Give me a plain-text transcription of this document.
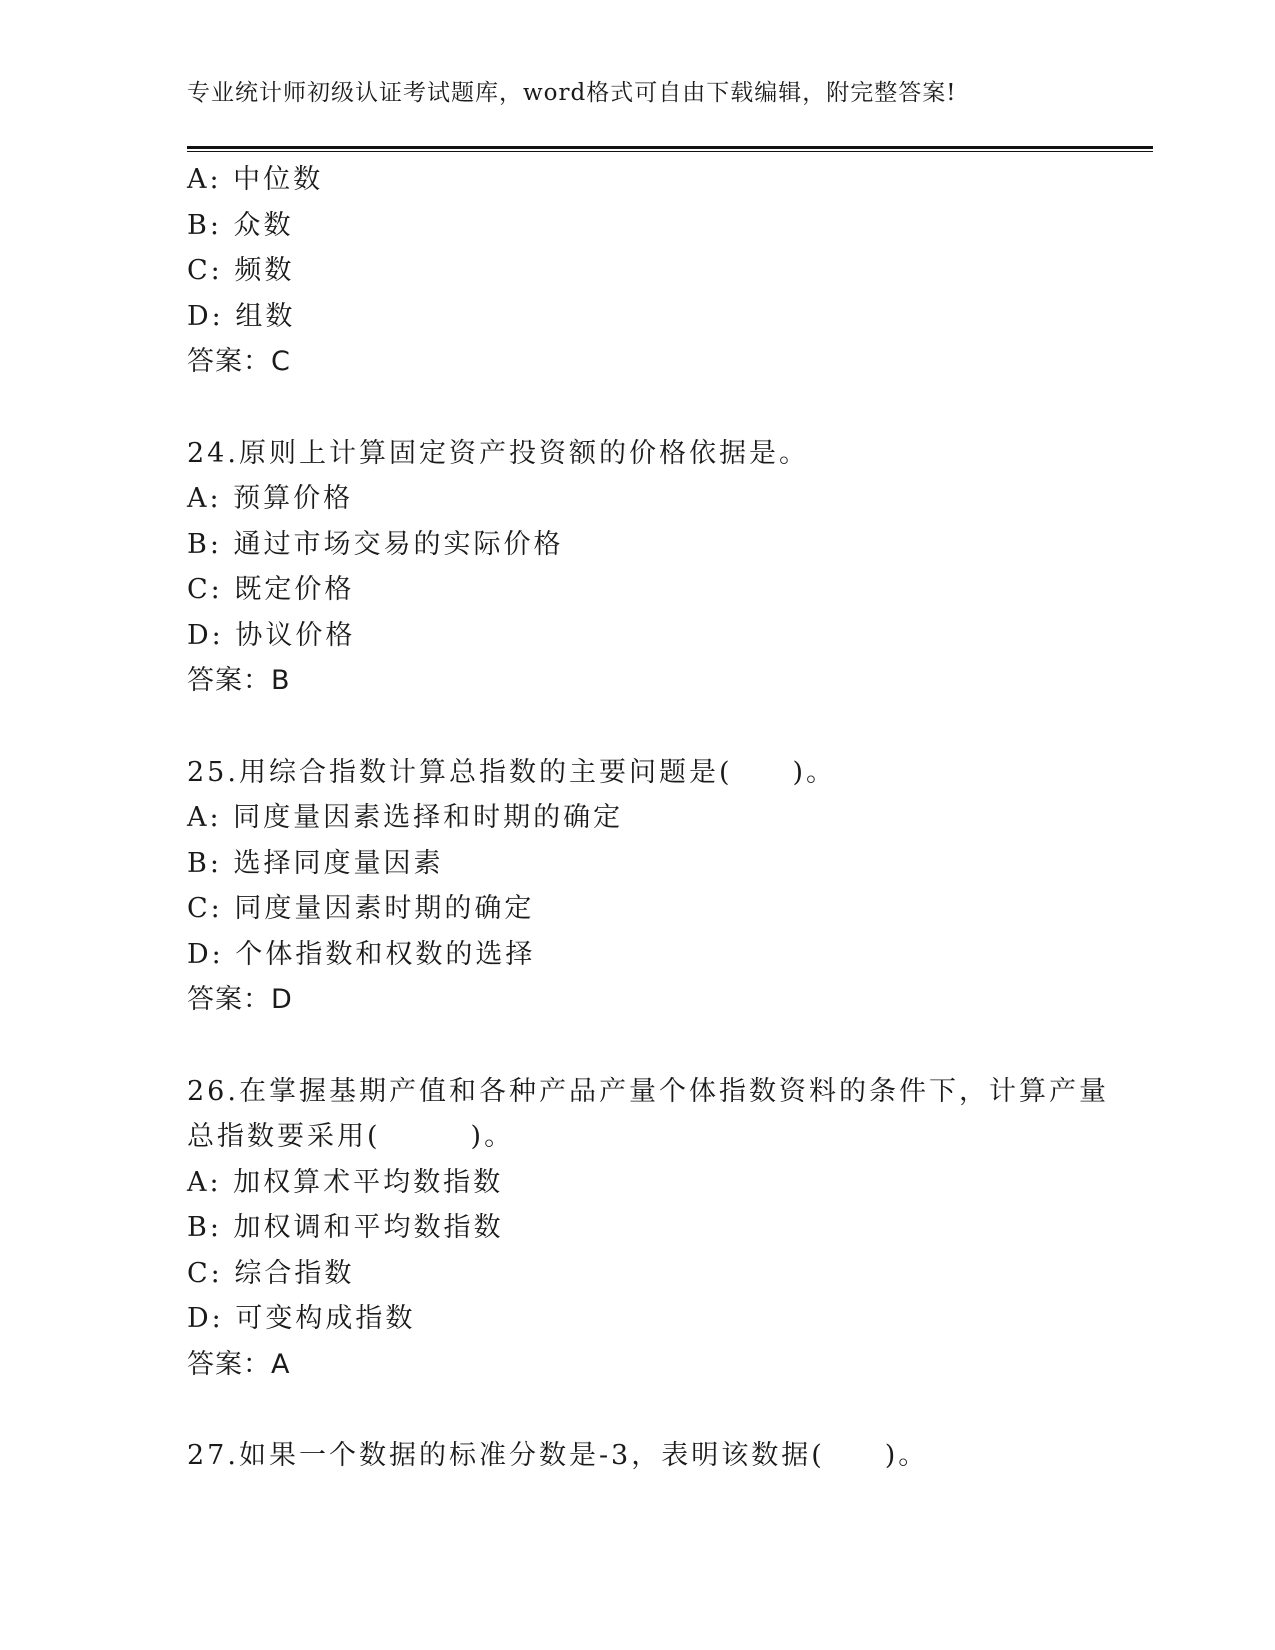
专业统计师初级认证考试题库，word格式可自由下载编辑，附完整答案!
A: 中位数
B: 众数
C: 频数
D: 组数
答案：C
24.原则上计算固定资产投资额的价格依据是。
A: 预算价格
B: 通过市场交易的实际价格
C: 既定价格
D: 协议价格
答案：B
25.用综合指数计算总指数的主要问题是(　　)。
A: 同度量因素选择和时期的确定
B: 选择同度量因素
C: 同度量因素时期的确定
D: 个体指数和权数的选择
答案：D
26.在掌握基期产值和各种产品产量个体指数资料的条件下，计算产量
总指数要采用(　　　)。
A: 加权算术平均数指数
B: 加权调和平均数指数
C: 综合指数
D: 可变构成指数
答案：A
27.如果一个数据的标准分数是-3，表明该数据(　　)。
